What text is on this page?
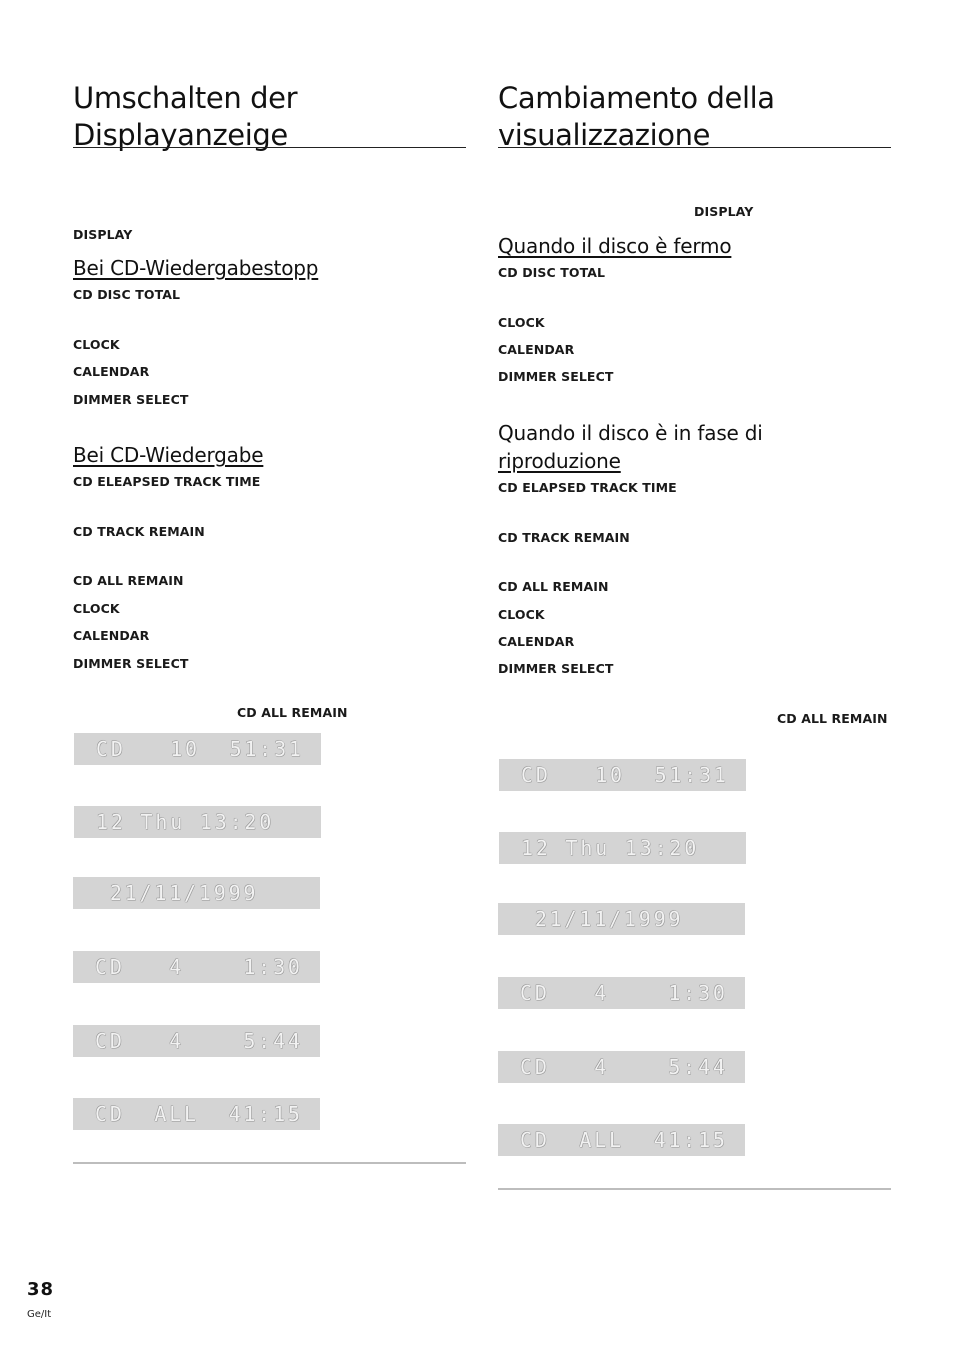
Umschalten der
Displayanzeige
DISPLAY
Bei CD-Wiedergabestopp
CD DISC TOTAL
CLOCK
CALENDAR
DIMMER SELECT
Bei CD-Wiedergabe
CD ELEAPSED TRACK TIME
CD TRACK REMAIN
CD ALL REMAIN
CLOCK
CALENDAR
DIMMER SELECT
CD ALL REMAIN
CD   10  51:31
12 Thu 13:20
21/11/1999
CD   4    1:30
CD   4    5:44
CD  ALL  41:15
Cambiamento della
visualizzazione
DISPLAY
Quando il disco è fermo
CD DISC TOTAL
CLOCK
CALENDAR
DIMMER SELECT
Quando il disco è in fase di
riproduzione
CD ELAPSED TRACK TIME
CD TRACK REMAIN
CD ALL REMAIN
CLOCK
CALENDAR
DIMMER SELECT
CD ALL REMAIN
CD   10  51:31
12 Thu 13:20
21/11/1999
CD   4    1:30
CD   4    5:44
CD  ALL  41:15
38
Ge/It
